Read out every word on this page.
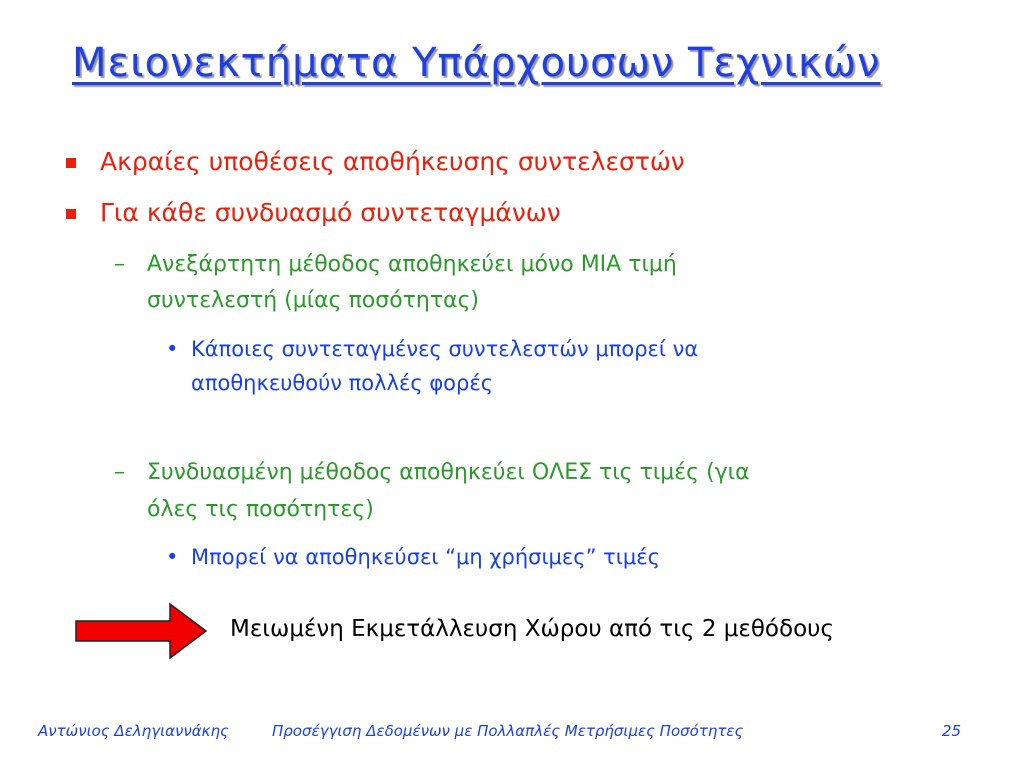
Μειονεκτήματα Υπάρχουσων Τεχνικών
Ακραίες υποθέσεις αποθήκευσης συντελεστών
Για κάθε συνδυασμό συντεταγμάνων
– Ανεξάρτητη μέθοδος αποθηκεύει μόνο ΜΙΑ τιμή
συντελεστή (μίας ποσότητας)
• Κάποιες συντεταγμένες συντελεστών μπορεί να
αποθηκευθούν πολλές φορές
– Συνδυασμένη μέθοδος αποθηκεύει ΟΛΕΣ τις τιμές (για
όλες τις ποσότητες)
• Μπορεί να αποθηκεύσει “μη χρήσιμες” τιμές
Μειωμένη Εκμετάλλευση Χώρου από τις 2 μεθόδους
Αντώνιος Δεληγιαννάκης	Προσέγγιση Δεδομένων με Πολλαπλές Μετρήσιμες Ποσότητες	25
